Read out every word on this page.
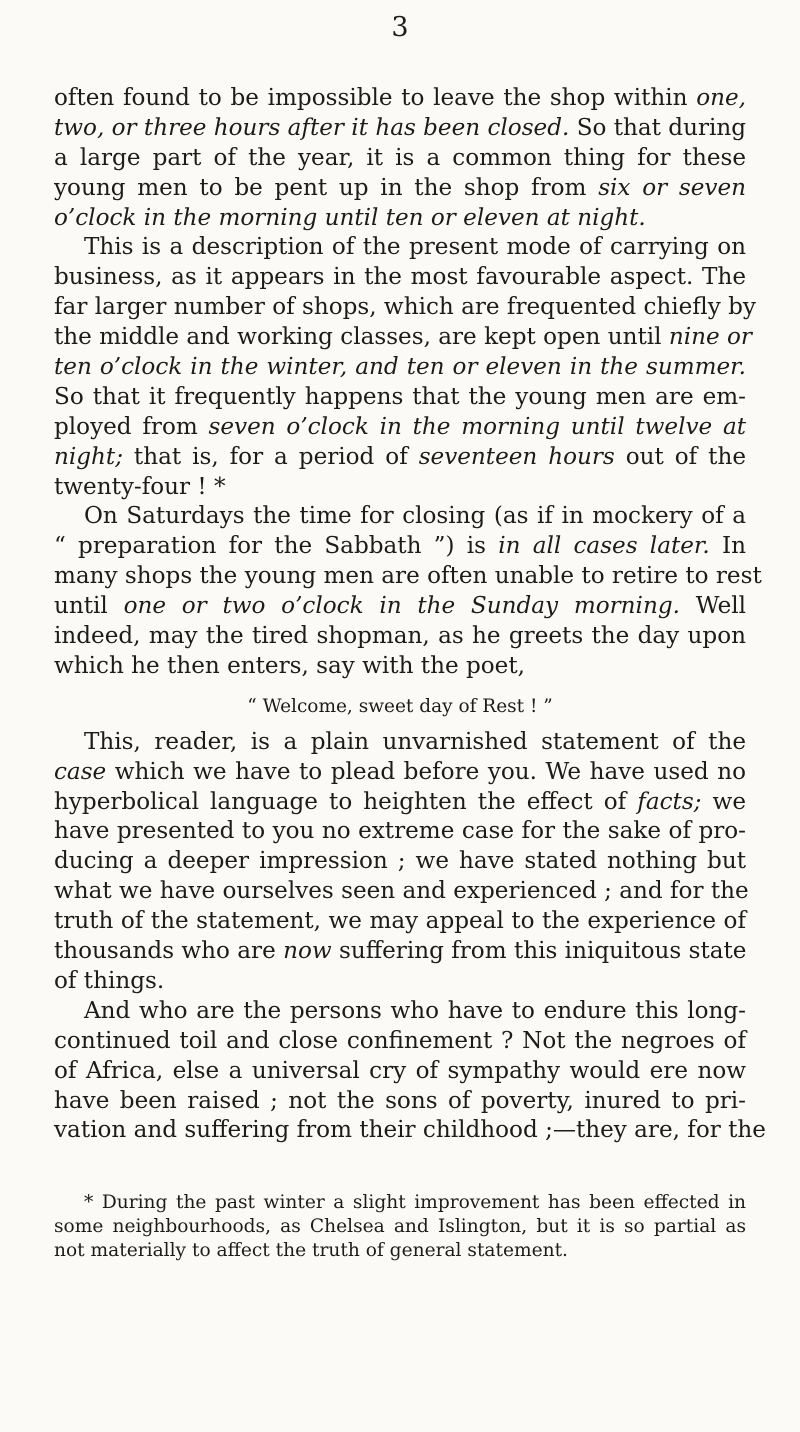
3
often found to be impossible to leave the shop within one,
two, or three hours after it has been closed. So that during
a large part of the year, it is a common thing for these
young men to be pent up in the shop from six or seven
o’clock in the morning until ten or eleven at night.
This is a description of the present mode of carrying on
business, as it appears in the most favourable aspect. The
far larger number of shops, which are frequented chiefly by
the middle and working classes, are kept open until nine or
ten o’clock in the winter, and ten or eleven in the summer.
So that it frequently happens that the young men are em-
ployed from seven o’clock in the morning until twelve at
night; that is, for a period of seventeen hours out of the
twenty-four ! *
On Saturdays the time for closing (as if in mockery of a
“ preparation for the Sabbath ”) is in all cases later. In
many shops the young men are often unable to retire to rest
until one or two o’clock in the Sunday morning. Well
indeed, may the tired shopman, as he greets the day upon
which he then enters, say with the poet,
“ Welcome, sweet day of Rest ! ”
This, reader, is a plain unvarnished statement of the
case which we have to plead before you. We have used no
hyperbolical language to heighten the effect of facts; we
have presented to you no extreme case for the sake of pro-
ducing a deeper impression ; we have stated nothing but
what we have ourselves seen and experienced ; and for the
truth of the statement, we may appeal to the experience of
thousands who are now suffering from this iniquitous state
of things.
And who are the persons who have to endure this long-
continued toil and close confinement ? Not the negroes of
of Africa, else a universal cry of sympathy would ere now
have been raised ; not the sons of poverty, inured to pri-
vation and suffering from their childhood ;—they are, for the
* During the past winter a slight improvement has been effected in
some neighbourhoods, as Chelsea and Islington, but it is so partial as
not materially to affect the truth of general statement.
